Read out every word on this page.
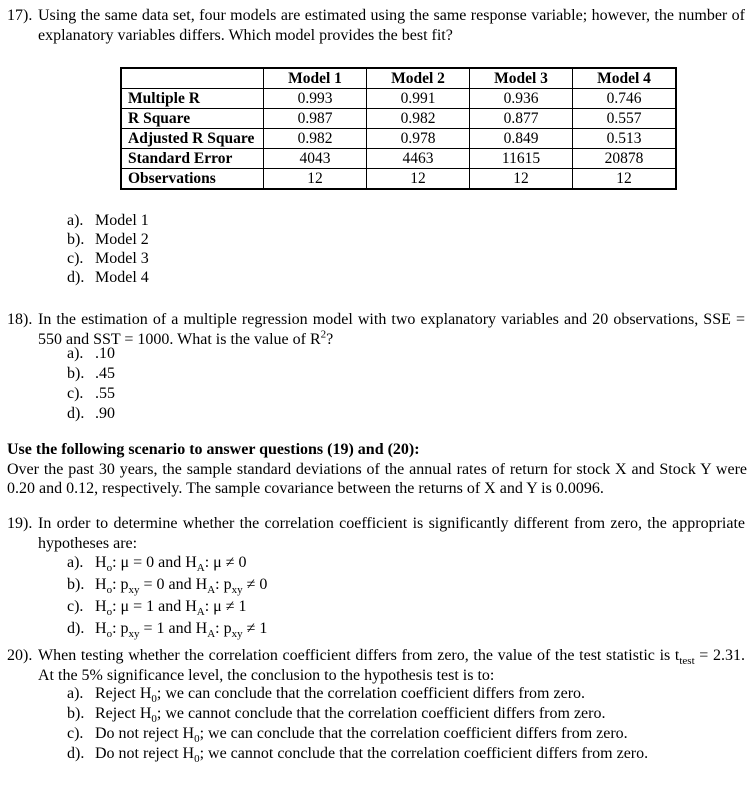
17). Using the same data set, four models are estimated using the same response variable; however, the number of explanatory variables differs. Which model provides the best fit?
	Model 1	Model 2	Model 3	Model 4
Multiple R	0.993	0.991	0.936	0.746
R Square	0.987	0.982	0.877	0.557
Adjusted R Square	0.982	0.978	0.849	0.513
Standard Error	4043	4463	11615	20878
Observations	12	12	12	12
a). Model 1
b). Model 2
c). Model 3
d). Model 4
18). In the estimation of a multiple regression model with two explanatory variables and 20 observations, SSE = 550 and SST = 1000. What is the value of $R^2$?
a). .10
b). .45
c). .55
d). .90
Use the following scenario to answer questions (19) and (20):
Over the past 30 years, the sample standard deviations of the annual rates of return for stock X and Stock Y were 0.20 and 0.12, respectively. The sample covariance between the returns of X and Y is 0.0096.
19). In order to determine whether the correlation coefficient is significantly different from zero, the appropriate hypotheses are:
a). $H_o$: μ = 0 and $H_A$: μ ≠ 0
b). $H_o$: $p_{xy} = 0$ and $H_A$: $p_{xy} \ne 0$
c). $H_o$: μ = 1 and $H_A$: μ ≠ 1
d). $H_o$: $p_{xy} = 1$ and $H_A$: $p_{xy} \ne 1$
20). When testing whether the correlation coefficient differs from zero, the value of the test statistic is $t_{test} = 2.31$. At the 5% significance level, the conclusion to the hypothesis test is to:
a). Reject $H_0$; we can conclude that the correlation coefficient differs from zero.
b). Reject $H_0$; we cannot conclude that the correlation coefficient differs from zero.
c). Do not reject $H_0$; we can conclude that the correlation coefficient differs from zero.
d). Do not reject $H_0$; we cannot conclude that the correlation coefficient differs from zero.
